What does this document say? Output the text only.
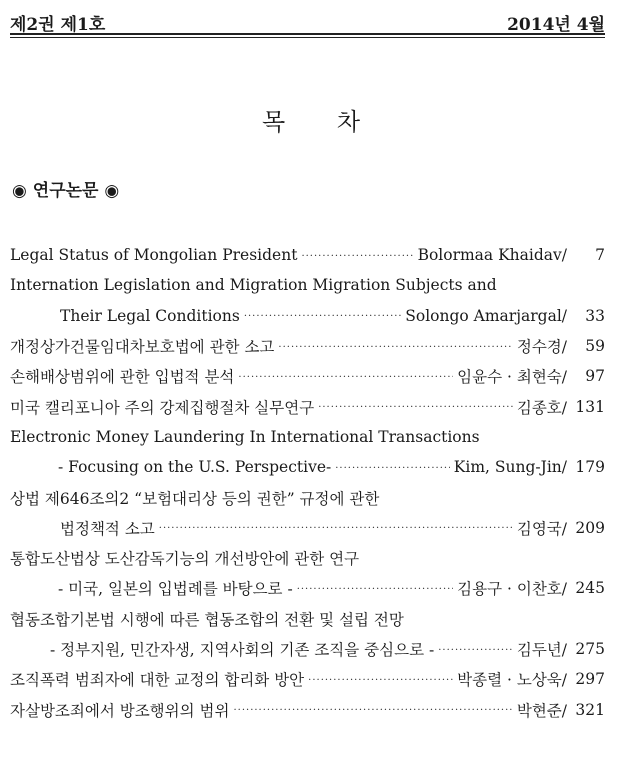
제2권 제1호	2014년 4월
목 차
◉ 연구논문 ◉
Legal Status of Mongolian President ·····	Bolormaa Khaidav/	7
Internation Legislation and Migration Migration Subjects and
Their Legal Conditions ·····	Solongo Amarjargal/	33
개정상가건물임대차보호법에 관한 소고 ·····	정수경/	59
손해배상범위에 관한 입법적 분석 ·····	임윤수 · 최현숙/	97
미국 캘리포니아 주의 강제집행절차 실무연구 ·····	김종호/ 131
Electronic Money Laundering In International Transactions
- Focusing on the U.S. Perspective- ·····	Kim, Sung-Jin/ 179
상법 제646조의2 “보험대리상 등의 권한” 규정에 관한
법정책적 소고 ·····	김영국/ 209
통합도산법상 도산감독기능의 개선방안에 관한 연구
- 미국, 일본의 입법례를 바탕으로 - ·····	김용구 · 이찬호/ 245
협동조합기본법 시행에 따른 협동조합의 전환 및 설립 전망
- 정부지원, 민간자생, 지역사회의 기존 조직을 중심으로 - ·····	김두년/ 275
조직폭력 범죄자에 대한 교정의 합리화 방안 ·····	박종렬 · 노상욱/ 297
자살방조죄에서 방조행위의 범위 ·····	박현준/ 321
